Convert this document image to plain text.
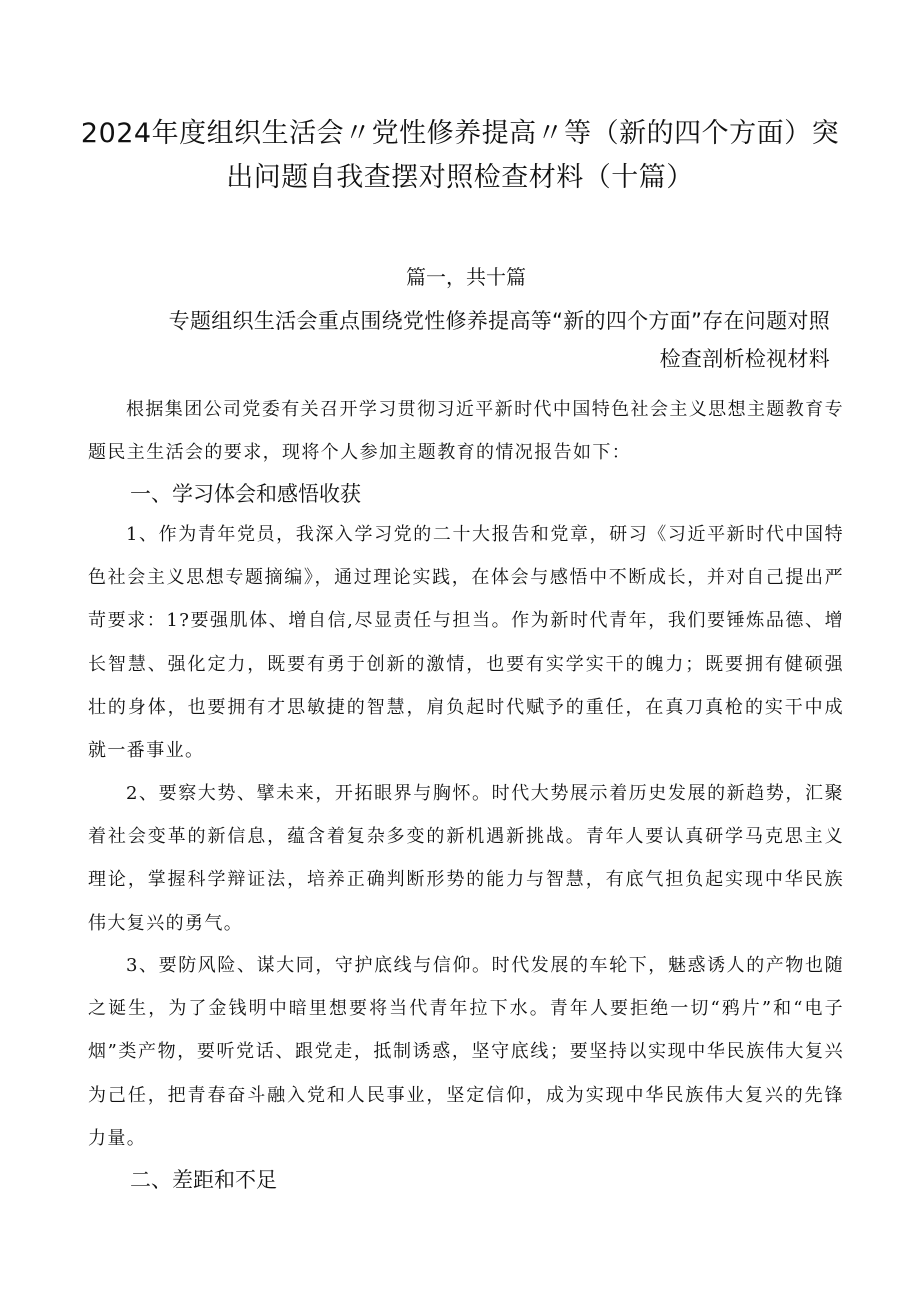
2024年度组织生活会〃党性修养提高〃等（新的四个方面）突出问题自我查摆对照检查材料（十篇）
篇一，共十篇
专题组织生活会重点围绕党性修养提高等“新的四个方面”存在问题对照检查剖析检视材料

根据集团公司党委有关召开学习贯彻习近平新时代中国特色社会主义思想主题教育专题民主生活会的要求，现将个人参加主题教育的情况报告如下：

一、学习体会和感悟收获

1、作为青年党员，我深入学习党的二十大报告和党章，研习《习近平新时代中国特色社会主义思想专题摘编》，通过理论实践，在体会与感悟中不断成长，并对自己提出严苛要求：1?要强肌体、增自信,尽显责任与担当。作为新时代青年，我们要锤炼品德、增长智慧、强化定力，既要有勇于创新的激情，也要有实学实干的魄力；既要拥有健硕强壮的身体，也要拥有才思敏捷的智慧，肩负起时代赋予的重任，在真刀真枪的实干中成就一番事业。

2、要察大势、擘未来，开拓眼界与胸怀。时代大势展示着历史发展的新趋势，汇聚着社会变革的新信息，蕴含着复杂多变的新机遇新挑战。青年人要认真研学马克思主义理论，掌握科学辩证法，培养正确判断形势的能力与智慧，有底气担负起实现中华民族伟大复兴的勇气。

3、要防风险、谋大同，守护底线与信仰。时代发展的车轮下，魅惑诱人的产物也随之诞生，为了金钱明中暗里想要将当代青年拉下水。青年人要拒绝一切“鸦片”和“电子烟”类产物，要听党话、跟党走，抵制诱惑，坚守底线；要坚持以实现中华民族伟大复兴为己任，把青春奋斗融入党和人民事业，坚定信仰，成为实现中华民族伟大复兴的先锋力量。

二、差距和不足
